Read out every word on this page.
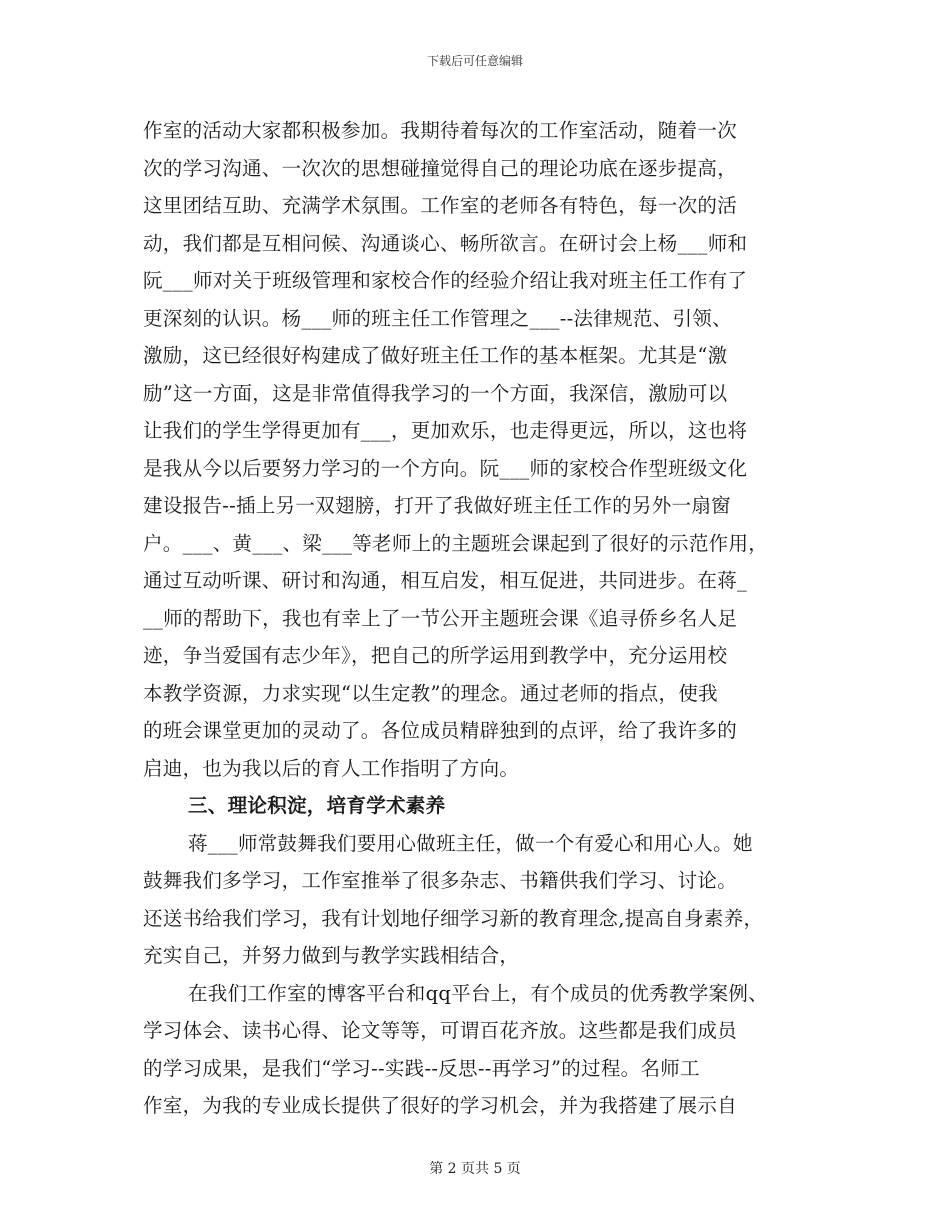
下载后可任意编辑
作室的活动大家都积极参加。我期待着每次的工作室活动，随着一次
次的学习沟通、一次次的思想碰撞觉得自己的理论功底在逐步提高，
这里团结互助、充满学术氛围。工作室的老师各有特色，每一次的活
动，我们都是互相问候、沟通谈心、畅所欲言。在研讨会上杨___师和
阮___师对关于班级管理和家校合作的经验介绍让我对班主任工作有了
更深刻的认识。杨___师的班主任工作管理之___--法律规范、引领、
激励，这已经很好构建成了做好班主任工作的基本框架。尤其是“激
励”这一方面，这是非常值得我学习的一个方面，我深信，激励可以
让我们的学生学得更加有___，更加欢乐，也走得更远，所以，这也将
是我从今以后要努力学习的一个方向。阮___师的家校合作型班级文化
建设报告--插上另一双翅膀，打开了我做好班主任工作的另外一扇窗
户。___、黄___、梁___等老师上的主题班会课起到了很好的示范作用，
通过互动听课、研讨和沟通，相互启发，相互促进，共同进步。在蒋_
__师的帮助下，我也有幸上了一节公开主题班会课《追寻侨乡名人足
迹，争当爱国有志少年》，把自己的所学运用到教学中，充分运用校
本教学资源，力求实现“以生定教”的理念。通过老师的指点，使我
的班会课堂更加的灵动了。各位成员精辟独到的点评，给了我许多的
启迪，也为我以后的育人工作指明了方向。
三、理论积淀，培育学术素养
蒋___师常鼓舞我们要用心做班主任，做一个有爱心和用心人。她
鼓舞我们多学习，工作室推举了很多杂志、书籍供我们学习、讨论。
还送书给我们学习，我有计划地仔细学习新的教育理念,提高自身素养，
充实自己，并努力做到与教学实践相结合，
在我们工作室的博客平台和qq平台上，有个成员的优秀教学案例、
学习体会、读书心得、论文等等，可谓百花齐放。这些都是我们成员
的学习成果，是我们“学习--实践--反思--再学习”的过程。名师工
作室，为我的专业成长提供了很好的学习机会，并为我搭建了展示自
第 2 页共 5 页
